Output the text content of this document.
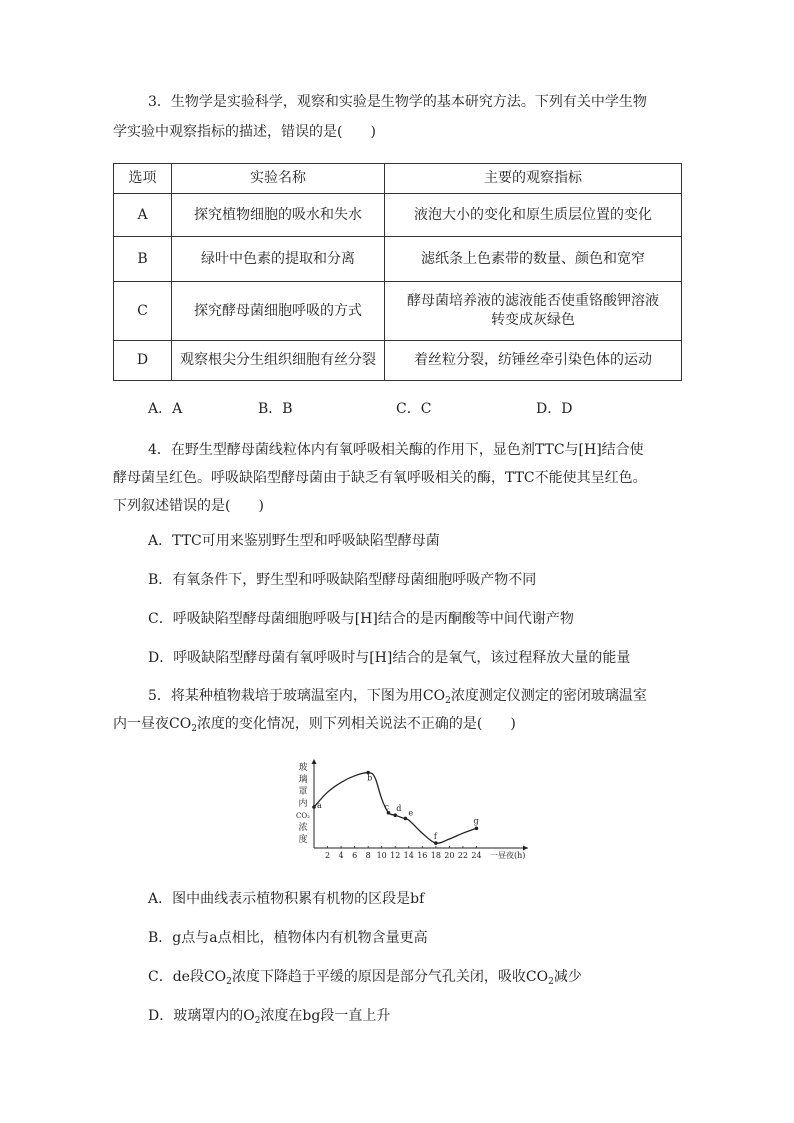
3．生物学是实验科学，观察和实验是生物学的基本研究方法。下列有关中学生物
学实验中观察指标的描述，错误的是(　　)
选项	实验名称	主要的观察指标
A	探究植物细胞的吸水和失水	液泡大小的变化和原生质层位置的变化

B	绿叶中色素的提取和分离	滤纸条上色素带的数量、颜色和宽窄

C	探究酵母菌细胞呼吸的方式	酵母菌培养液的滤液能否使重铬酸钾溶液
转变成灰绿色

D	观察根尖分生组织细胞有丝分裂	着丝粒分裂，纺锤丝牵引染色体的运动
A．A	B．B	C．C	D．D
4．在野生型酵母菌线粒体内有氧呼吸相关酶的作用下，显色剂TTC与[H]结合使
酵母菌呈红色。呼吸缺陷型酵母菌由于缺乏有氧呼吸相关的酶，TTC不能使其呈红色。
下列叙述错误的是(　　)
A．TTC可用来鉴别野生型和呼吸缺陷型酵母菌
B．有氧条件下，野生型和呼吸缺陷型酵母菌细胞呼吸产物不同
C．呼吸缺陷型酵母菌细胞呼吸与[H]结合的是丙酮酸等中间代谢产物
D．呼吸缺陷型酵母菌有氧呼吸时与[H]结合的是氧气，该过程释放大量的能量
5．将某种植物栽培于玻璃温室内，下图为用$CO_2$浓度测定仪测定的密闭玻璃温室
内一昼夜$CO_2$浓度的变化情况，则下列相关说法不正确的是(　　)
玻
璃
罩
内
CO₂
浓
度
2 4 6 8 10 12 14 16 18 20 22 24
a
b
c d e
f
g
一昼夜(h)
A．图中曲线表示植物积累有机物的区段是bf
B．g点与a点相比，植物体内有机物含量更高
C．de段$CO_2$浓度下降趋于平缓的原因是部分气孔关闭，吸收$CO_2$减少
D．玻璃罩内的$O_2$浓度在bg段一直上升
